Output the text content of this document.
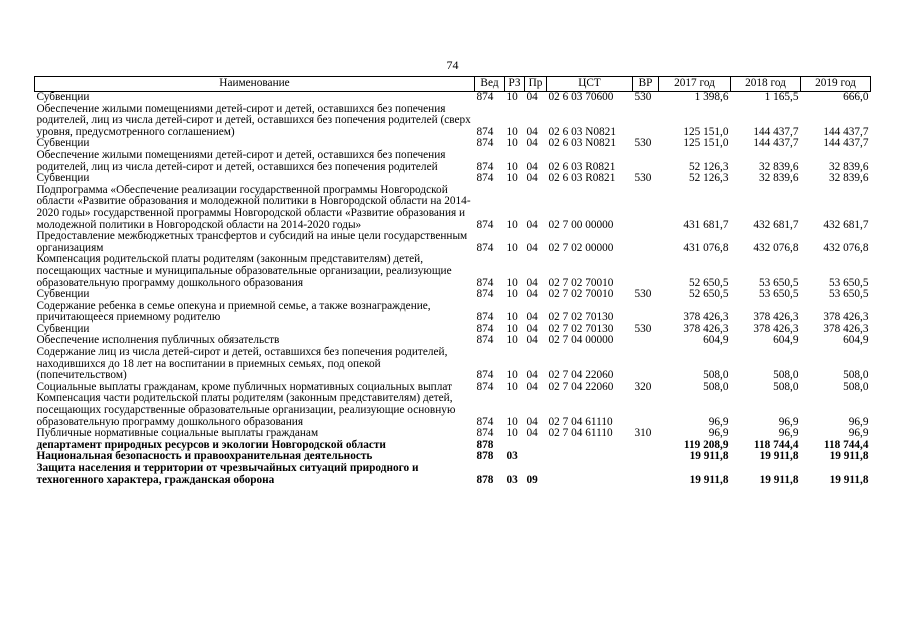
74
Наименование	Вед	РЗ	Пр	ЦСТ	ВР	2017 год	2018 год	2019 год
Субвенции	874	10	04	02 6 03 70600	530	1 398,6	1 165,5	666,0
Обеспечение жилыми помещениями детей-сирот и детей, оставшихся без попечения родителей, лиц из числа детей-сирот и детей, оставшихся без попечения родителей (сверх уровня, предусмотренного соглашением)	874	10	04	02 6 03 N0821		125 151,0	144 437,7	144 437,7
Субвенции	874	10	04	02 6 03 N0821	530	125 151,0	144 437,7	144 437,7
Обеспечение жилыми помещениями детей-сирот и детей, оставшихся без попечения родителей, лиц из числа детей-сирот и детей, оставшихся без попечения родителей	874	10	04	02 6 03 R0821		52 126,3	32 839,6	32 839,6
Субвенции	874	10	04	02 6 03 R0821	530	52 126,3	32 839,6	32 839,6
Подпрограмма «Обеспечение реализации государственной программы Новгородской области «Развитие образования и молодежной политики в Новгородской области на 2014-2020 годы» государственной программы Новгородской области «Развитие образования и молодежной политики в Новгородской области на 2014-2020 годы»	874	10	04	02 7 00 00000		431 681,7	432 681,7	432 681,7
Предоставление межбюджетных трансфертов и субсидий на иные цели государственным организациям	874	10	04	02 7 02 00000		431 076,8	432 076,8	432 076,8
Компенсация родительской платы родителям (законным представителям) детей, посещающих частные и муниципальные образовательные организации, реализующие образовательную программу дошкольного образования	874	10	04	02 7 02 70010		52 650,5	53 650,5	53 650,5
Субвенции	874	10	04	02 7 02 70010	530	52 650,5	53 650,5	53 650,5
Содержание ребенка в семье опекуна и приемной семье, а также вознаграждение, причитающееся приемному родителю	874	10	04	02 7 02 70130		378 426,3	378 426,3	378 426,3
Субвенции	874	10	04	02 7 02 70130	530	378 426,3	378 426,3	378 426,3
Обеспечение исполнения публичных обязательств	874	10	04	02 7 04 00000		604,9	604,9	604,9
Содержание лиц из числа детей-сирот и детей, оставшихся без попечения родителей, находившихся до 18 лет на воспитании в приемных семьях, под опекой (попечительством)	874	10	04	02 7 04 22060		508,0	508,0	508,0
Социальные выплаты гражданам, кроме публичных нормативных социальных выплат	874	10	04	02 7 04 22060	320	508,0	508,0	508,0
Компенсация части родительской платы родителям (законным представителям) детей, посещающих государственные образовательные организации, реализующие основную образовательную программу дошкольного образования	874	10	04	02 7 04 61110		96,9	96,9	96,9
Публичные нормативные социальные выплаты гражданам	874	10	04	02 7 04 61110	310	96,9	96,9	96,9
департамент природных ресурсов и экологии Новгородской области	878					119 208,9	118 744,4	118 744,4
Национальная безопасность и правоохранительная деятельность	878	03				19 911,8	19 911,8	19 911,8
Защита населения и территории от чрезвычайных ситуаций природного и техногенного характера, гражданская оборона	878	03	09			19 911,8	19 911,8	19 911,8
